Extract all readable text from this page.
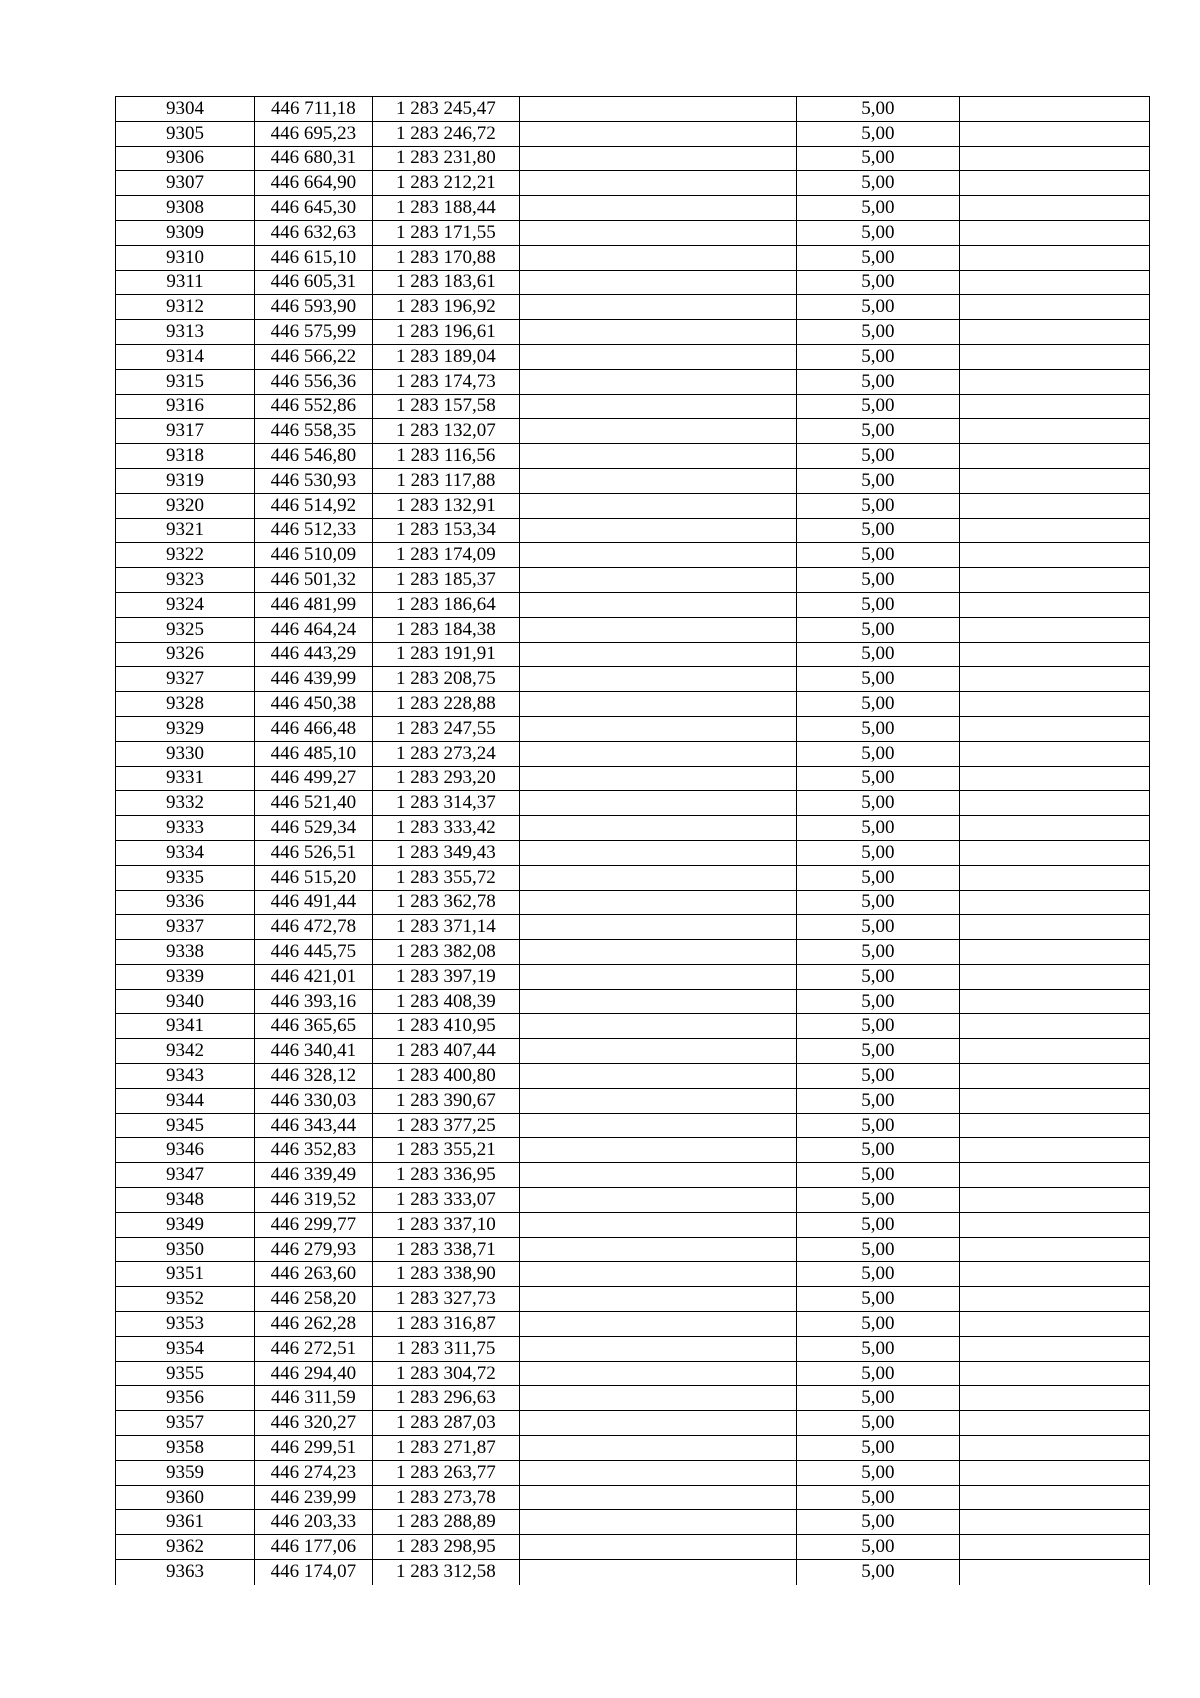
9304	446 711,18	1 283 245,47		5,00	
9305	446 695,23	1 283 246,72		5,00	
9306	446 680,31	1 283 231,80		5,00	
9307	446 664,90	1 283 212,21		5,00	
9308	446 645,30	1 283 188,44		5,00	
9309	446 632,63	1 283 171,55		5,00	
9310	446 615,10	1 283 170,88		5,00	
9311	446 605,31	1 283 183,61		5,00	
9312	446 593,90	1 283 196,92		5,00	
9313	446 575,99	1 283 196,61		5,00	
9314	446 566,22	1 283 189,04		5,00	
9315	446 556,36	1 283 174,73		5,00	
9316	446 552,86	1 283 157,58		5,00	
9317	446 558,35	1 283 132,07		5,00	
9318	446 546,80	1 283 116,56		5,00	
9319	446 530,93	1 283 117,88		5,00	
9320	446 514,92	1 283 132,91		5,00	
9321	446 512,33	1 283 153,34		5,00	
9322	446 510,09	1 283 174,09		5,00	
9323	446 501,32	1 283 185,37		5,00	
9324	446 481,99	1 283 186,64		5,00	
9325	446 464,24	1 283 184,38		5,00	
9326	446 443,29	1 283 191,91		5,00	
9327	446 439,99	1 283 208,75		5,00	
9328	446 450,38	1 283 228,88		5,00	
9329	446 466,48	1 283 247,55		5,00	
9330	446 485,10	1 283 273,24		5,00	
9331	446 499,27	1 283 293,20		5,00	
9332	446 521,40	1 283 314,37		5,00	
9333	446 529,34	1 283 333,42		5,00	
9334	446 526,51	1 283 349,43		5,00	
9335	446 515,20	1 283 355,72		5,00	
9336	446 491,44	1 283 362,78		5,00	
9337	446 472,78	1 283 371,14		5,00	
9338	446 445,75	1 283 382,08		5,00	
9339	446 421,01	1 283 397,19		5,00	
9340	446 393,16	1 283 408,39		5,00	
9341	446 365,65	1 283 410,95		5,00	
9342	446 340,41	1 283 407,44		5,00	
9343	446 328,12	1 283 400,80		5,00	
9344	446 330,03	1 283 390,67		5,00	
9345	446 343,44	1 283 377,25		5,00	
9346	446 352,83	1 283 355,21		5,00	
9347	446 339,49	1 283 336,95		5,00	
9348	446 319,52	1 283 333,07		5,00	
9349	446 299,77	1 283 337,10		5,00	
9350	446 279,93	1 283 338,71		5,00	
9351	446 263,60	1 283 338,90		5,00	
9352	446 258,20	1 283 327,73		5,00	
9353	446 262,28	1 283 316,87		5,00	
9354	446 272,51	1 283 311,75		5,00	
9355	446 294,40	1 283 304,72		5,00	
9356	446 311,59	1 283 296,63		5,00	
9357	446 320,27	1 283 287,03		5,00	
9358	446 299,51	1 283 271,87		5,00	
9359	446 274,23	1 283 263,77		5,00	
9360	446 239,99	1 283 273,78		5,00	
9361	446 203,33	1 283 288,89		5,00	
9362	446 177,06	1 283 298,95		5,00	
9363	446 174,07	1 283 312,58		5,00	
